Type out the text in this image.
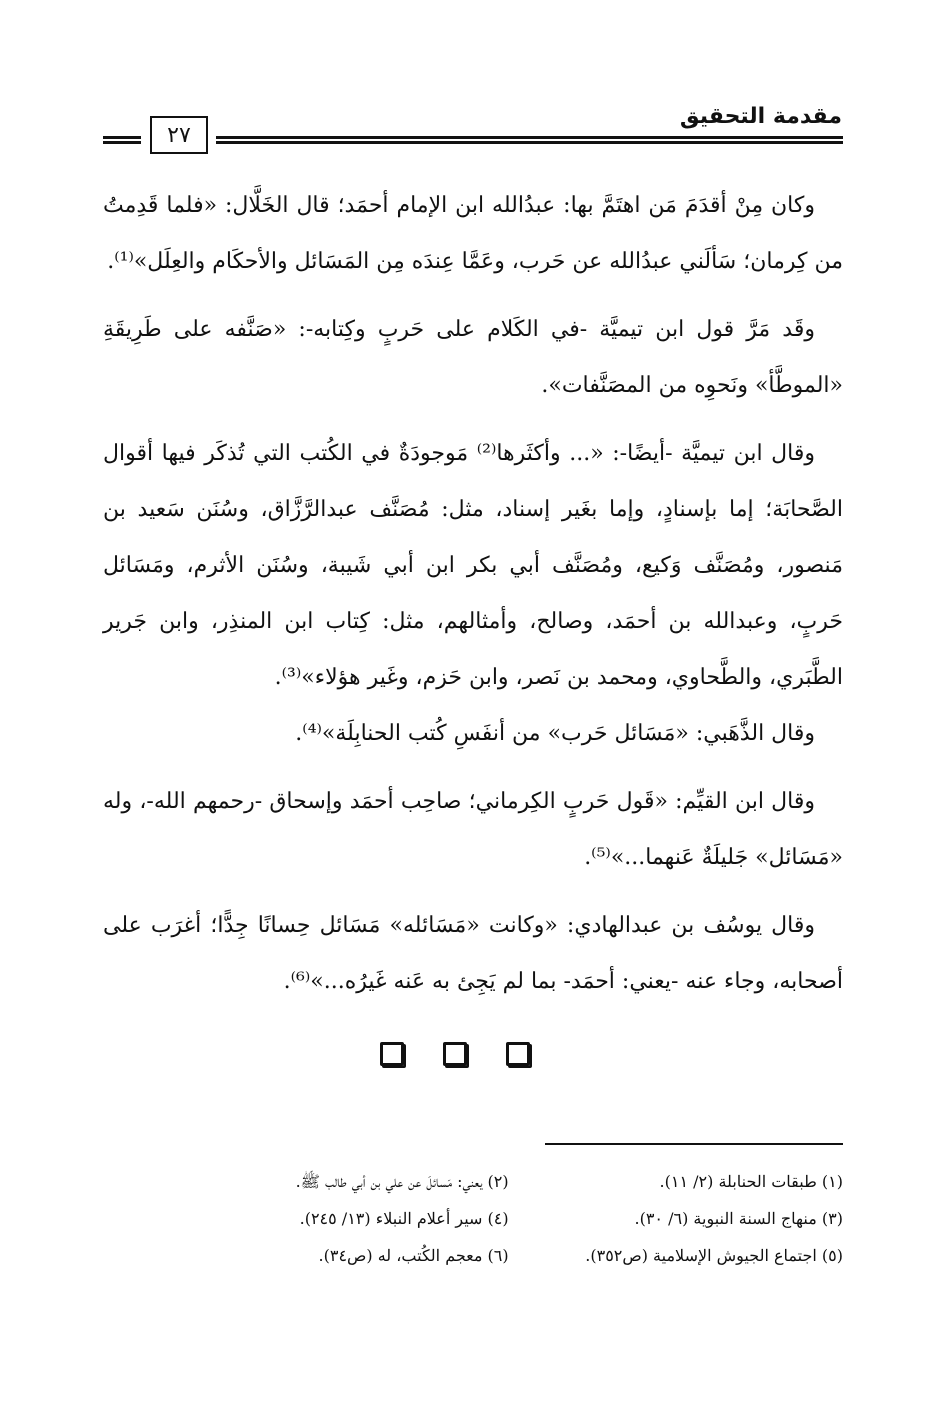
مقدمة التحقيق
٢٧

وكان مِنْ أقدَمَ مَن اهتَمَّ بها: عبدُالله ابن الإمام أحمَد؛ قال الخَلَّال: «فلما قَدِمتُ من كِرمان؛ سَألَني عبدُالله عن حَرب، وعَمَّا عِندَه مِن المَسَائل والأحكَام والعِلَل»⁽¹⁾.

وقَد مَرَّ قول ابن تيميَّة -في الكَلام على حَربٍ وكِتابه-: «صَنَّفه على طَرِيقَةِ «الموطَّأ» ونَحوِه من المصَنَّفات».

وقال ابن تيميَّة -أيضًا-: «... وأكثَرها⁽²⁾ مَوجودَةٌ في الكُتب التي تُذكَر فيها أقوال الصَّحابَة؛ إما بإسنادٍ، وإما بغَير إسناد، مثل: مُصَنَّف عبدالرَّزَّاق، وسُنَن سَعيد بن مَنصور، ومُصَنَّف وَكيع، ومُصَنَّف أبي بكر ابن أبي شَيبة، وسُنَن الأثرم، ومَسَائل حَربٍ، وعبدالله بن أحمَد، وصالح، وأمثالهم، مثل: كِتاب ابن المنذِر، وابن جَرير الطَّبَري، والطَّحاوي، ومحمد بن نَصر، وابن حَزم، وغَير هؤلاء»⁽³⁾.

وقال الذَّهَبي: «مَسَائل حَرب» من أنفَسِ كُتب الحنابِلَة»⁽⁴⁾.

وقال ابن القيِّم: «قَول حَربٍ الكِرماني؛ صاحِب أحمَد وإسحاق -رحمهم الله-، وله «مَسَائل» جَليلَةٌ عَنهما...»⁽⁵⁾.

وقال يوسُف بن عبدالهادي: «وكانت «مَسَائله» مَسَائل حِسانًا جِدًّا؛ أغرَب على أصحابه، وجاء عنه -يعني: أحمَد- بما لم يَجِئ به عَنه غَيرُه...»⁽⁶⁾.

(١) طبقات الحنابلة (٢/ ١١).
(٢) يعني: مَسائلَ عن علي بن أبي طالب ﷺ.
(٣) منهاج السنة النبوية (٦/ ٣٠).
(٤) سير أعلام النبلاء (١٣/ ٢٤٥).
(٥) اجتماع الجيوش الإسلامية (ص٣٥٢).
(٦) معجم الكُتب، له (ص٣٤).
